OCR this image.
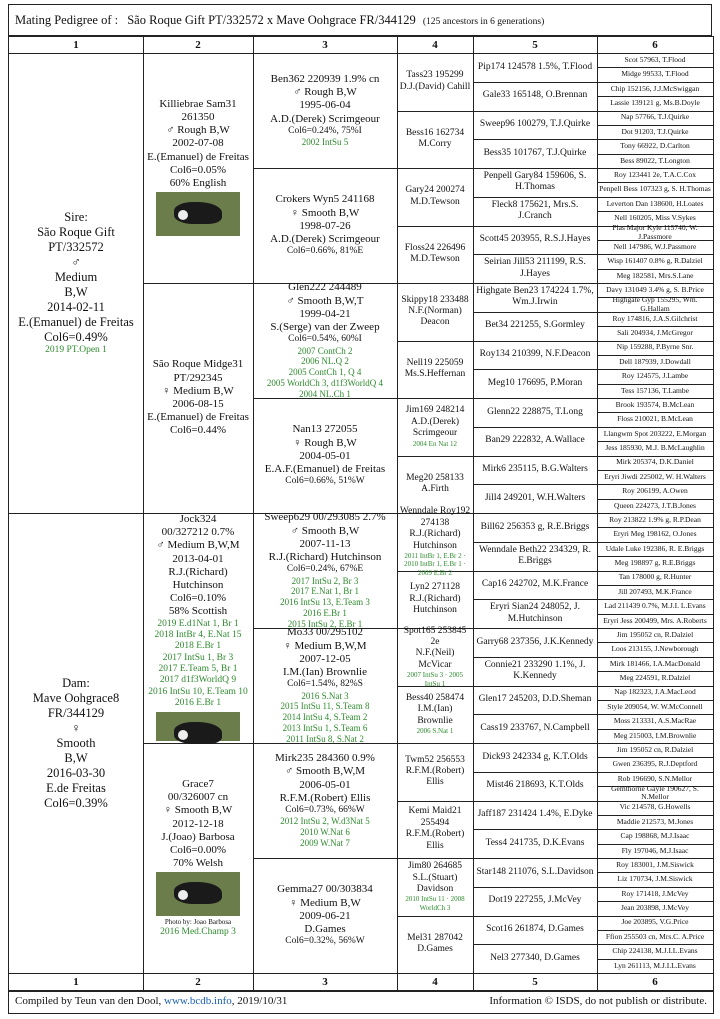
Mating Pedigree of : São Roque Gift PT/332572 x Mave Oohgrace FR/344129 (125 ancestors in 6 generations)
1
1
2
2
3
3
4
4
5
5
6
6
Sire:
São Roque Gift
PT/332572
♂
Medium
B,W
2014-02-11
E.(Emanuel) de Freitas
Col6=0.49%
2019 PT.Open 1
Dam:
Mave Oohgrace8
FR/344129
♀
Smooth
B,W
2016-03-30
E.de Freitas
Col6=0.39%
Killiebrae Sam31
261350
♂ Rough B,W
2002-07-08
E.(Emanuel) de Freitas
Col6=0.05%
60% English
São Roque Midge31
PT/292345
♀ Medium B,W
2006-08-15
E.(Emanuel) de Freitas
Col6=0.44%
Jock324
00/327212 0.7%
♂ Medium B,W,M
2013-04-01
R.J.(Richard) Hutchinson
Col6=0.10%
58% Scottish
2019 E.d1Nat 1, Br 1
2018 IntBr 4, E.Nat 15
2018 E.Br 1
2017 IntSu 1, Br 3
2017 E.Team 5, Br 1
2017 d1f3WorldQ 9
2016 IntSu 10, E.Team 10
2016 E.Br 1
Grace7
00/326007 cn
♀ Smooth B,W
2012-12-18
J.(Joao) Barbosa
Col6=0.00%
70% Welsh
Photo by: Joao Barbosa
2016 Med.Champ 3
Ben362 220939 1.9% cn
♂ Rough B,W
1995-06-04
A.D.(Derek) Scrimgeour
Col6=0.24%, 75%I
2002 IntSu 5
Crokers Wyn5 241168
♀ Smooth B,W
1998-07-26
A.D.(Derek) Scrimgeour
Col6=0.66%, 81%E
Glen222 244489
♂ Smooth B,W,T
1999-04-21
S.(Serge) van der Zweep
Col6=0.54%, 60%I
2007 ContCh 2
2006 NL.Q 2
2005 ContCh 1, Q 4
2005 WorldCh 3, d1f3WorldQ 4
2004 NL.Ch 1
Nan13 272055
♀ Rough B,W
2004-05-01
E.A.F.(Emanuel) de Freitas
Col6=0.66%, 51%W
Sweep629 00/293085 2.7%
♂ Smooth B,W
2007-11-13
R.J.(Richard) Hutchinson
Col6=0.24%, 67%E
2017 IntSu 2, Br 3
2017 E.Nat 1, Br 1
2016 IntSu 13, E.Team 3
2016 E.Br 1
2015 IntSu 2, E.Br 1
Mo33 00/295102
♀ Medium B,W,M
2007-12-05
I.M.(Ian) Brownlie
Col6=1.54%, 82%S
2016 S.Nat 3
2015 IntSu 11, S.Team 8
2014 IntSu 4, S.Team 2
2013 IntSu 1, S.Team 6
2011 IntSu 8, S.Nat 2
Mirk235 284360 0.9%
♂ Smooth B,W,M
2006-05-01
R.F.M.(Robert) Ellis
Col6=0.73%, 66%W
2012 IntSu 2, W.d3Nat 5
2010 W.Nat 6
2009 W.Nat 7
Gemma27 00/303834
♀ Medium B,W
2009-06-21
D.Games
Col6=0.32%, 56%W
Tass23 195299
D.J.(David) Cahill
Bess16 162734
M.Corry
Gary24 200274
M.D.Tewson
Floss24 226496
M.D.Tewson
Skippy18 233488
N.F.(Norman) Deacon
Nell19 225059
Ms.S.Heffernan
Jim169 248214
A.D.(Derek) Scrimgeour
2004 En Nat 12
Meg20 258133
A.Firth
Wenndale Roy192 274138
R.J.(Richard) Hutchinson
2011 IntBr 1, E.Br 2 · 2010 IntBr 1, E.Br 1 · 2009 E.Br 2
Lyn2 271128
R.J.(Richard) Hutchinson
Spot165 253845 2e
N.F.(Neil) McVicar
2007 IntSu 3 · 2005 IntSu 1
Bess40 258474
I.M.(Ian) Brownlie
2006 S.Nat 1
Twm52 256553
R.F.M.(Robert) Ellis
Kemi Maid21 255494
R.F.M.(Robert) Ellis
Jim80 264685
S.L.(Stuart) Davidson
2010 IntSu 11 · 2008 WorldCh 3
Mel31 287042
D.Games
Pip174 124578 1.5%, T.Flood
Gale33 165148, O.Brennan
Sweep96 100279, T.J.Quirke
Bess35 101767, T.J.Quirke
Penpell Gary84 159606, S. H.Thomas
Fleck8 175621, Mrs.S. J.Cranch
Scott45 203955, R.S.J.Hayes
Seirian Jill53 211199, R.S. J.Hayes
Highgate Ben23 174224 1.7%, Wm.J.Irwin
Bet34 221255, S.Gormley
Roy134 210399, N.F.Deacon
Meg10 176695, P.Moran
Glenn22 228875, T.Long
Ban29 222832, A.Wallace
Mirk6 235115, B.G.Walters
Jill4 249201, W.H.Walters
Bill62 256353 g, R.E.Briggs
Wenndale Beth22 234329, R. E.Briggs
Cap16 242702, M.K.France
Eryri Sian24 248052, J. M.Hutchinson
Garry68 237356, J.K.Kennedy
Connie21 233290 1.1%, J. K.Kennedy
Glen17 245203, D.D.Sheman
Cass19 233767, N.Campbell
Dick93 242334 g, K.T.Olds
Mist46 218693, K.T.Olds
Jaff187 231424 1.4%, E.Dyke
Tess4 241735, D.K.Evans
Star148 211076, S.L.Davidson
Dot19 227255, J.McVey
Scot16 261874, D.Games
Nel3 277340, D.Games
Scot 57963, T.Flood
Midge 99533, T.Flood
Chip 152156, J.J.McSwiggan
Lassie 139121 g, Ms.B.Doyle
Nap 57766, T.J.Quirke
Dot 91203, T.J.Quirke
Tony 66922, D.Carlton
Bess 89022, T.Longton
Roy 123441 2e, T.A.C.Cox
Penpell Bess 107323 g, S. H.Thomas
Leverton Dan 138600, H.Loates
Nell 160205, Miss V.Sykes
Plas Major Kyle 115740, W. J.Passmore
Nell 147986, W.J.Passmore
Wisp 161407 0.8% g, R.Dalziel
Meg 182581, Mrs.S.Lane
Davy 131049 3.4% g, S. B.Price
Highgate Gyp 155295, Wm. G.Hallam
Roy 174816, J.A.S.Gilchrist
Sali 204934, J.McGregor
Nip 159288, P.Byrne Snr.
Dell 187939, J.Dowdall
Roy 124575, J.Lambe
Tess 157136, T.Lambe
Brook 193574, B.McLean
Floss 210021, B.McLean
Llangwm Spot 203222, E.Morgan
Jess 185930, M.J. B.McLaughlin
Mirk 205374, D.K.Daniel
Eryri Jiwdi 225002, W. H.Walters
Roy 206199, A.Owen
Queen 224273, J.T.B.Jones
Roy 213822 1.9% g, R.P.Dean
Eryri Meg 198162, O.Jones
Udale Luke 192386, R. E.Briggs
Meg 198897 g, R.E.Briggs
Tan 178000 g, R.Hunter
Jill 207493, M.K.France
Lad 211439 0.7%, M.J.I. L.Evans
Eryri Jess 200499, Mrs. A.Roberts
Jim 195052 cn, R.Dalziel
Loos 213155, J.Newborough
Mirk 181466, I.A.MacDonald
Meg 224591, R.Dalziel
Nap 182323, J.A.MacLeod
Style 209054, W. W.McConnell
Moss 213331, A.S.MacRae
Meg 215003, I.M.Brownlie
Jim 195052 cn, R.Dalziel
Gwen 236395, R.J.Deptford
Rob 196690, S.N.Mellor
Gemthorne Gayle 190627, S. N.Mellor
Vic 214578, G.Howells
Maddie 212573, M.Jones
Cap 198868, M.J.Isaac
Fly 197046, M.J.Isaac
Roy 183001, J.M.Siswick
Liz 170734, J.M.Siswick
Roy 171418, J.McVey
Jean 203898, J.McVey
Joe 203895, V.G.Price
Ffion 255503 cn, Mrs.C. A.Price
Chip 224138, M.J.I.L.Evans
Lyn 261113, M.J.I.L.Evans
Compiled by Teun van den Dool, www.bcdb.info, 2019/10/31	Information © ISDS, do not publish or distribute.
